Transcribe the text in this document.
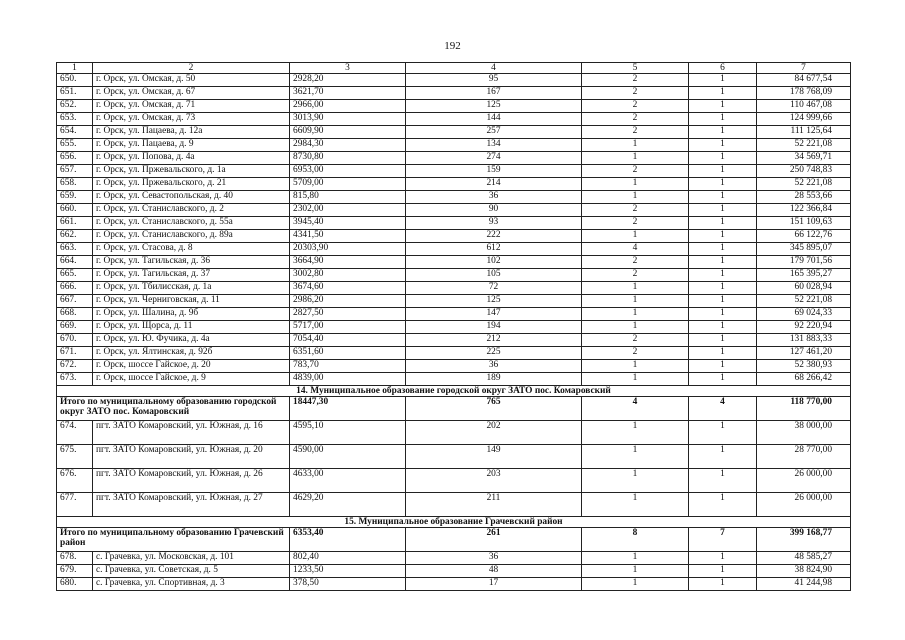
192
1	2	3	4	5	6	7
650.	г. Орск, ул. Омская, д. 50	2928,20	95	2	1	84 677,54
651.	г. Орск, ул. Омская, д. 67	3621,70	167	2	1	178 768,09
652.	г. Орск, ул. Омская, д. 71	2966,00	125	2	1	110 467,08
653.	г. Орск, ул. Омская, д. 73	3013,90	144	2	1	124 999,66
654.	г. Орск, ул. Пацаева, д. 12а	6609,90	257	2	1	111 125,64
655.	г. Орск, ул. Пацаева, д. 9	2984,30	134	1	1	52 221,08
656.	г. Орск, ул. Попова, д. 4а	8730,80	274	1	1	34 569,71
657.	г. Орск, ул. Пржевальского, д. 1а	6953,00	159	2	1	250 748,83
658.	г. Орск, ул. Пржевальского, д. 21	5709,00	214	1	1	52 221,08
659.	г. Орск, ул. Севастопольская, д. 40	815,80	36	1	1	28 553,66
660.	г. Орск, ул. Станиславского, д. 2	2302,00	90	2	1	122 366,84
661.	г. Орск, ул. Станиславского, д. 55а	3945,40	93	2	1	151 109,63
662.	г. Орск, ул. Станиславского, д. 89а	4341,50	222	1	1	66 122,76
663.	г. Орск, ул. Стасова, д. 8	20303,90	612	4	1	345 895,07
664.	г. Орск, ул. Тагильская, д. 36	3664,90	102	2	1	179 701,56
665.	г. Орск, ул. Тагильская, д. 37	3002,80	105	2	1	165 395,27
666.	г. Орск, ул. Тбилисская, д. 1а	3674,60	72	1	1	60 028,94
667.	г. Орск, ул. Черниговская, д. 11	2986,20	125	1	1	52 221,08
668.	г. Орск, ул. Шалина, д. 9б	2827,50	147	1	1	69 024,33
669.	г. Орск, ул. Щорса, д. 11	5717,00	194	1	1	92 220,94
670.	г. Орск, ул. Ю. Фучика, д. 4а	7054,40	212	2	1	131 883,33
671.	г. Орск, ул. Ялтинская, д. 92б	6351,60	225	2	1	127 461,20
672.	г. Орск, шоссе Гайское, д. 20	783,70	36	1	1	52 380,93
673.	г. Орск, шоссе Гайское, д. 9	4839,00	189	1	1	68 266,42
14. Муниципальное образование городской округ ЗАТО пос. Комаровский						
Итого по муниципальному образованию городской округ ЗАТО пос. Комаровский		18447,30	765	4	4	118 770,00
674.	пгт. ЗАТО Комаровский, ул. Южная, д. 16	4595,10	202	1	1	38 000,00
675.	пгт. ЗАТО Комаровский, ул. Южная, д. 20	4590,00	149	1	1	28 770,00
676.	пгт. ЗАТО Комаровский, ул. Южная, д. 26	4633,00	203	1	1	26 000,00
677.	пгт. ЗАТО Комаровский, ул. Южная, д. 27	4629,20	211	1	1	26 000,00
15. Муниципальное образование Грачевский район						
Итого по муниципальному образованию Грачевский район		6353,40	261	8	7	399 168,77
678.	с. Грачевка, ул. Московская, д. 101	802,40	36	1	1	48 585,27
679.	с. Грачевка, ул. Советская, д. 5	1233,50	48	1	1	38 824,90
680.	с. Грачевка, ул. Спортивная, д. 3	378,50	17	1	1	41 244,98
